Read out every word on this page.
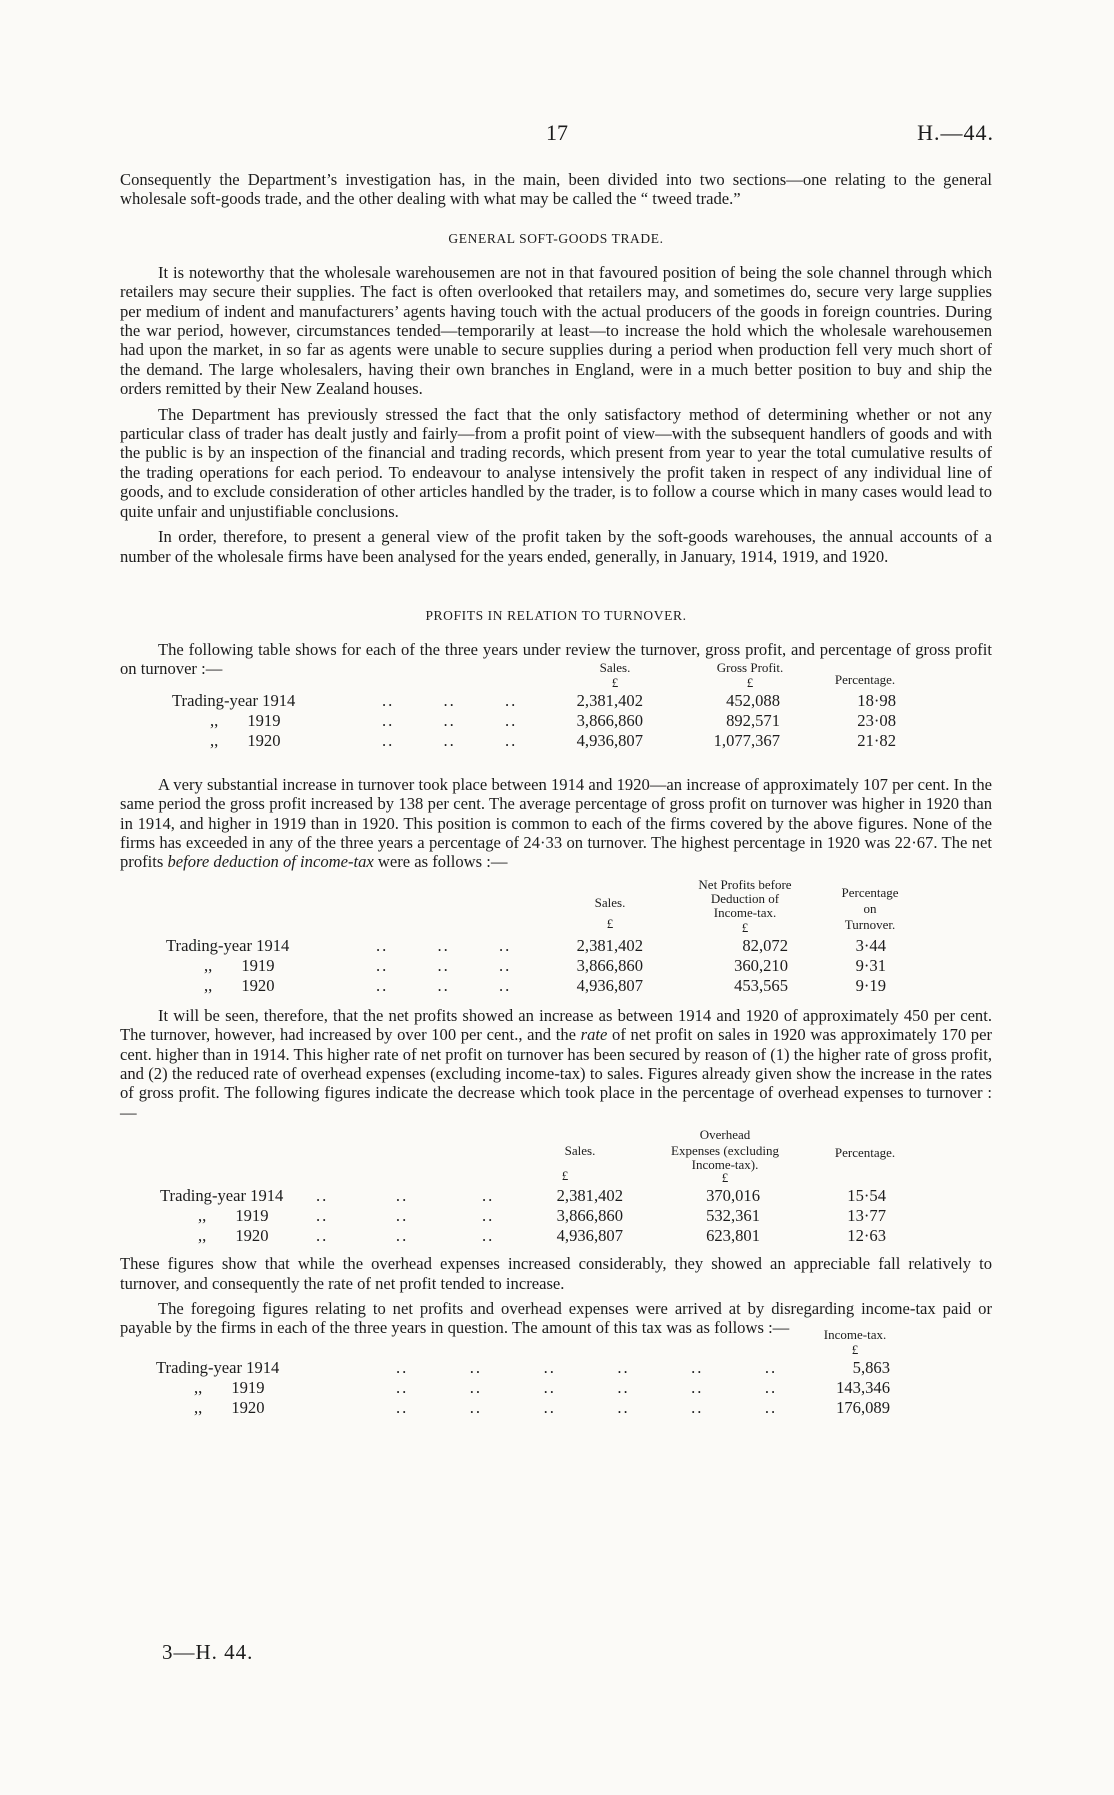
17	H.—44.

Consequently the Department’s investigation has, in the main, been divided into two sections—one relating to the general wholesale soft-goods trade, and the other dealing with what may be called the “ tweed trade.”

GENERAL SOFT-GOODS TRADE.

It is noteworthy that the wholesale warehousemen are not in that favoured position of being the sole channel through which retailers may secure their supplies. The fact is often overlooked that retailers may, and sometimes do, secure very large supplies per medium of indent and manufacturers’ agents having touch with the actual producers of the goods in foreign countries. During the war period, however, circumstances tended—temporarily at least—to increase the hold which the wholesale warehousemen had upon the market, in so far as agents were unable to secure supplies during a period when production fell very much short of the demand. The large wholesalers, having their own branches in England, were in a much better position to buy and ship the orders remitted by their New Zealand houses.

The Department has previously stressed the fact that the only satisfactory method of determining whether or not any particular class of trader has dealt justly and fairly—from a profit point of view—with the subsequent handlers of goods and with the public is by an inspection of the financial and trading records, which present from year to year the total cumulative results of the trading operations for each period. To endeavour to analyse intensively the profit taken in respect of any individual line of goods, and to exclude consideration of other articles handled by the trader, is to follow a course which in many cases would lead to quite unfair and unjustifiable conclusions.

In order, therefore, to present a general view of the profit taken by the soft-goods warehouses, the annual accounts of a number of the wholesale firms have been analysed for the years ended, generally, in January, 1914, 1919, and 1920.

PROFITS IN RELATION TO TURNOVER.

The following table shows for each of the three years under review the turnover, gross profit, and percentage of gross profit on turnover :—	Sales.	Gross Profit.
Percentage.
£	£
Trading-year 1914	..        ..        ..	2,381,402	452,088	18·98
,,   1919	..        ..        ..	3,866,860	892,571	23·08
,,   1920	..        ..        ..	4,936,807	1,077,367	21·82

A very substantial increase in turnover took place between 1914 and 1920—an increase of approximately 107 per cent. In the same period the gross profit increased by 138 per cent. The average percentage of gross profit on turnover was higher in 1920 than in 1914, and higher in 1919 than in 1920. This position is common to each of the firms covered by the above figures. None of the firms has exceeded in any of the three years a percentage of 24·33 on turnover. The highest percentage in 1920 was 22·67. The net profits before deduction of income-tax were as follows :—

Sales.
Net Profits before
Deduction of
Income-tax.
Percentage
on
Turnover.
£	£
Trading-year 1914	..        ..        ..	2,381,402	82,072	3·44
,,   1919	..        ..        ..	3,866,860	360,210	9·31
,,   1920	..        ..        ..	4,936,807	453,565	9·19

It will be seen, therefore, that the net profits showed an increase as between 1914 and 1920 of approximately 450 per cent. The turnover, however, had increased by over 100 per cent., and the rate of net profit on sales in 1920 was approximately 170 per cent. higher than in 1914. This higher rate of net profit on turnover has been secured by reason of (1) the higher rate of gross profit, and (2) the reduced rate of overhead expenses (excluding income-tax) to sales. Figures already given show the increase in the rates of gross profit. The following figures indicate the decrease which took place in the percentage of overhead expenses to turnover :—

Sales.
Overhead
Expenses (excluding
Income-tax).
Percentage.
£	£
Trading-year 1914 ..           ..            ..	2,381,402	370,016	15·54
,,   1919	..           ..            ..	3,866,860	532,361	13·77
,,   1920	..           ..            ..	4,936,807	623,801	12·63

These figures show that while the overhead expenses increased considerably, they showed an appreciable fall relatively to turnover, and consequently the rate of net profit tended to increase.

The foregoing figures relating to net profits and overhead expenses were arrived at by disregarding income-tax paid or payable by the firms in each of the three years in question. The amount of this tax was as follows :—	Income-tax.
£
Trading-year 1914	..          ..          ..          ..          ..          ..	5,863
,,   1919	..          ..          ..          ..          ..          ..	143,346
,,   1920	..          ..          ..          ..          ..          ..	176,089
3—H. 44.
